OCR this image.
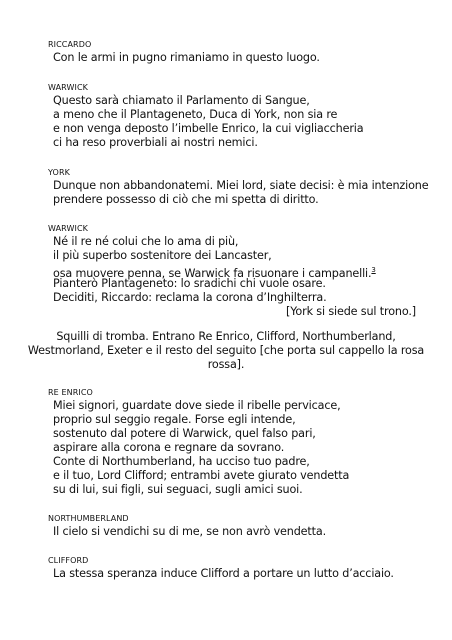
RICCARDO
Con le armi in pugno rimaniamo in questo luogo.
WARWICK
Questo sarà chiamato il Parlamento di Sangue,
a meno che il Plantageneto, Duca di York, non sia re
e non venga deposto l’imbelle Enrico, la cui vigliaccheria
ci ha reso proverbiali ai nostri nemici.
YORK
Dunque non abbandonatemi. Miei lord, siate decisi: è mia intenzione
prendere possesso di ciò che mi spetta di diritto.
WARWICK
Né il re né colui che lo ama di più,
il più superbo sostenitore dei Lancaster,
osa muovere penna, se Warwick fa risuonare i campanelli.$^3$
Pianterò Plantageneto: lo sradichi chi vuole osare.
Deciditi, Riccardo: reclama la corona d’Inghilterra.
[York si siede sul trono.]
Squilli di tromba. Entrano Re Enrico, Clifford, Northumberland,
Westmorland, Exeter e il resto del seguito [che porta sul cappello la rosa
rossa].
RE ENRICO
Miei signori, guardate dove siede il ribelle pervicace,
proprio sul seggio regale. Forse egli intende,
sostenuto dal potere di Warwick, quel falso pari,
aspirare alla corona e regnare da sovrano.
Conte di Northumberland, ha ucciso tuo padre,
e il tuo, Lord Clifford; entrambi avete giurato vendetta
su di lui, sui figli, sui seguaci, sugli amici suoi.
NORTHUMBERLAND
Il cielo si vendichi su di me, se non avrò vendetta.
CLIFFORD
La stessa speranza induce Clifford a portare un lutto d’acciaio.
